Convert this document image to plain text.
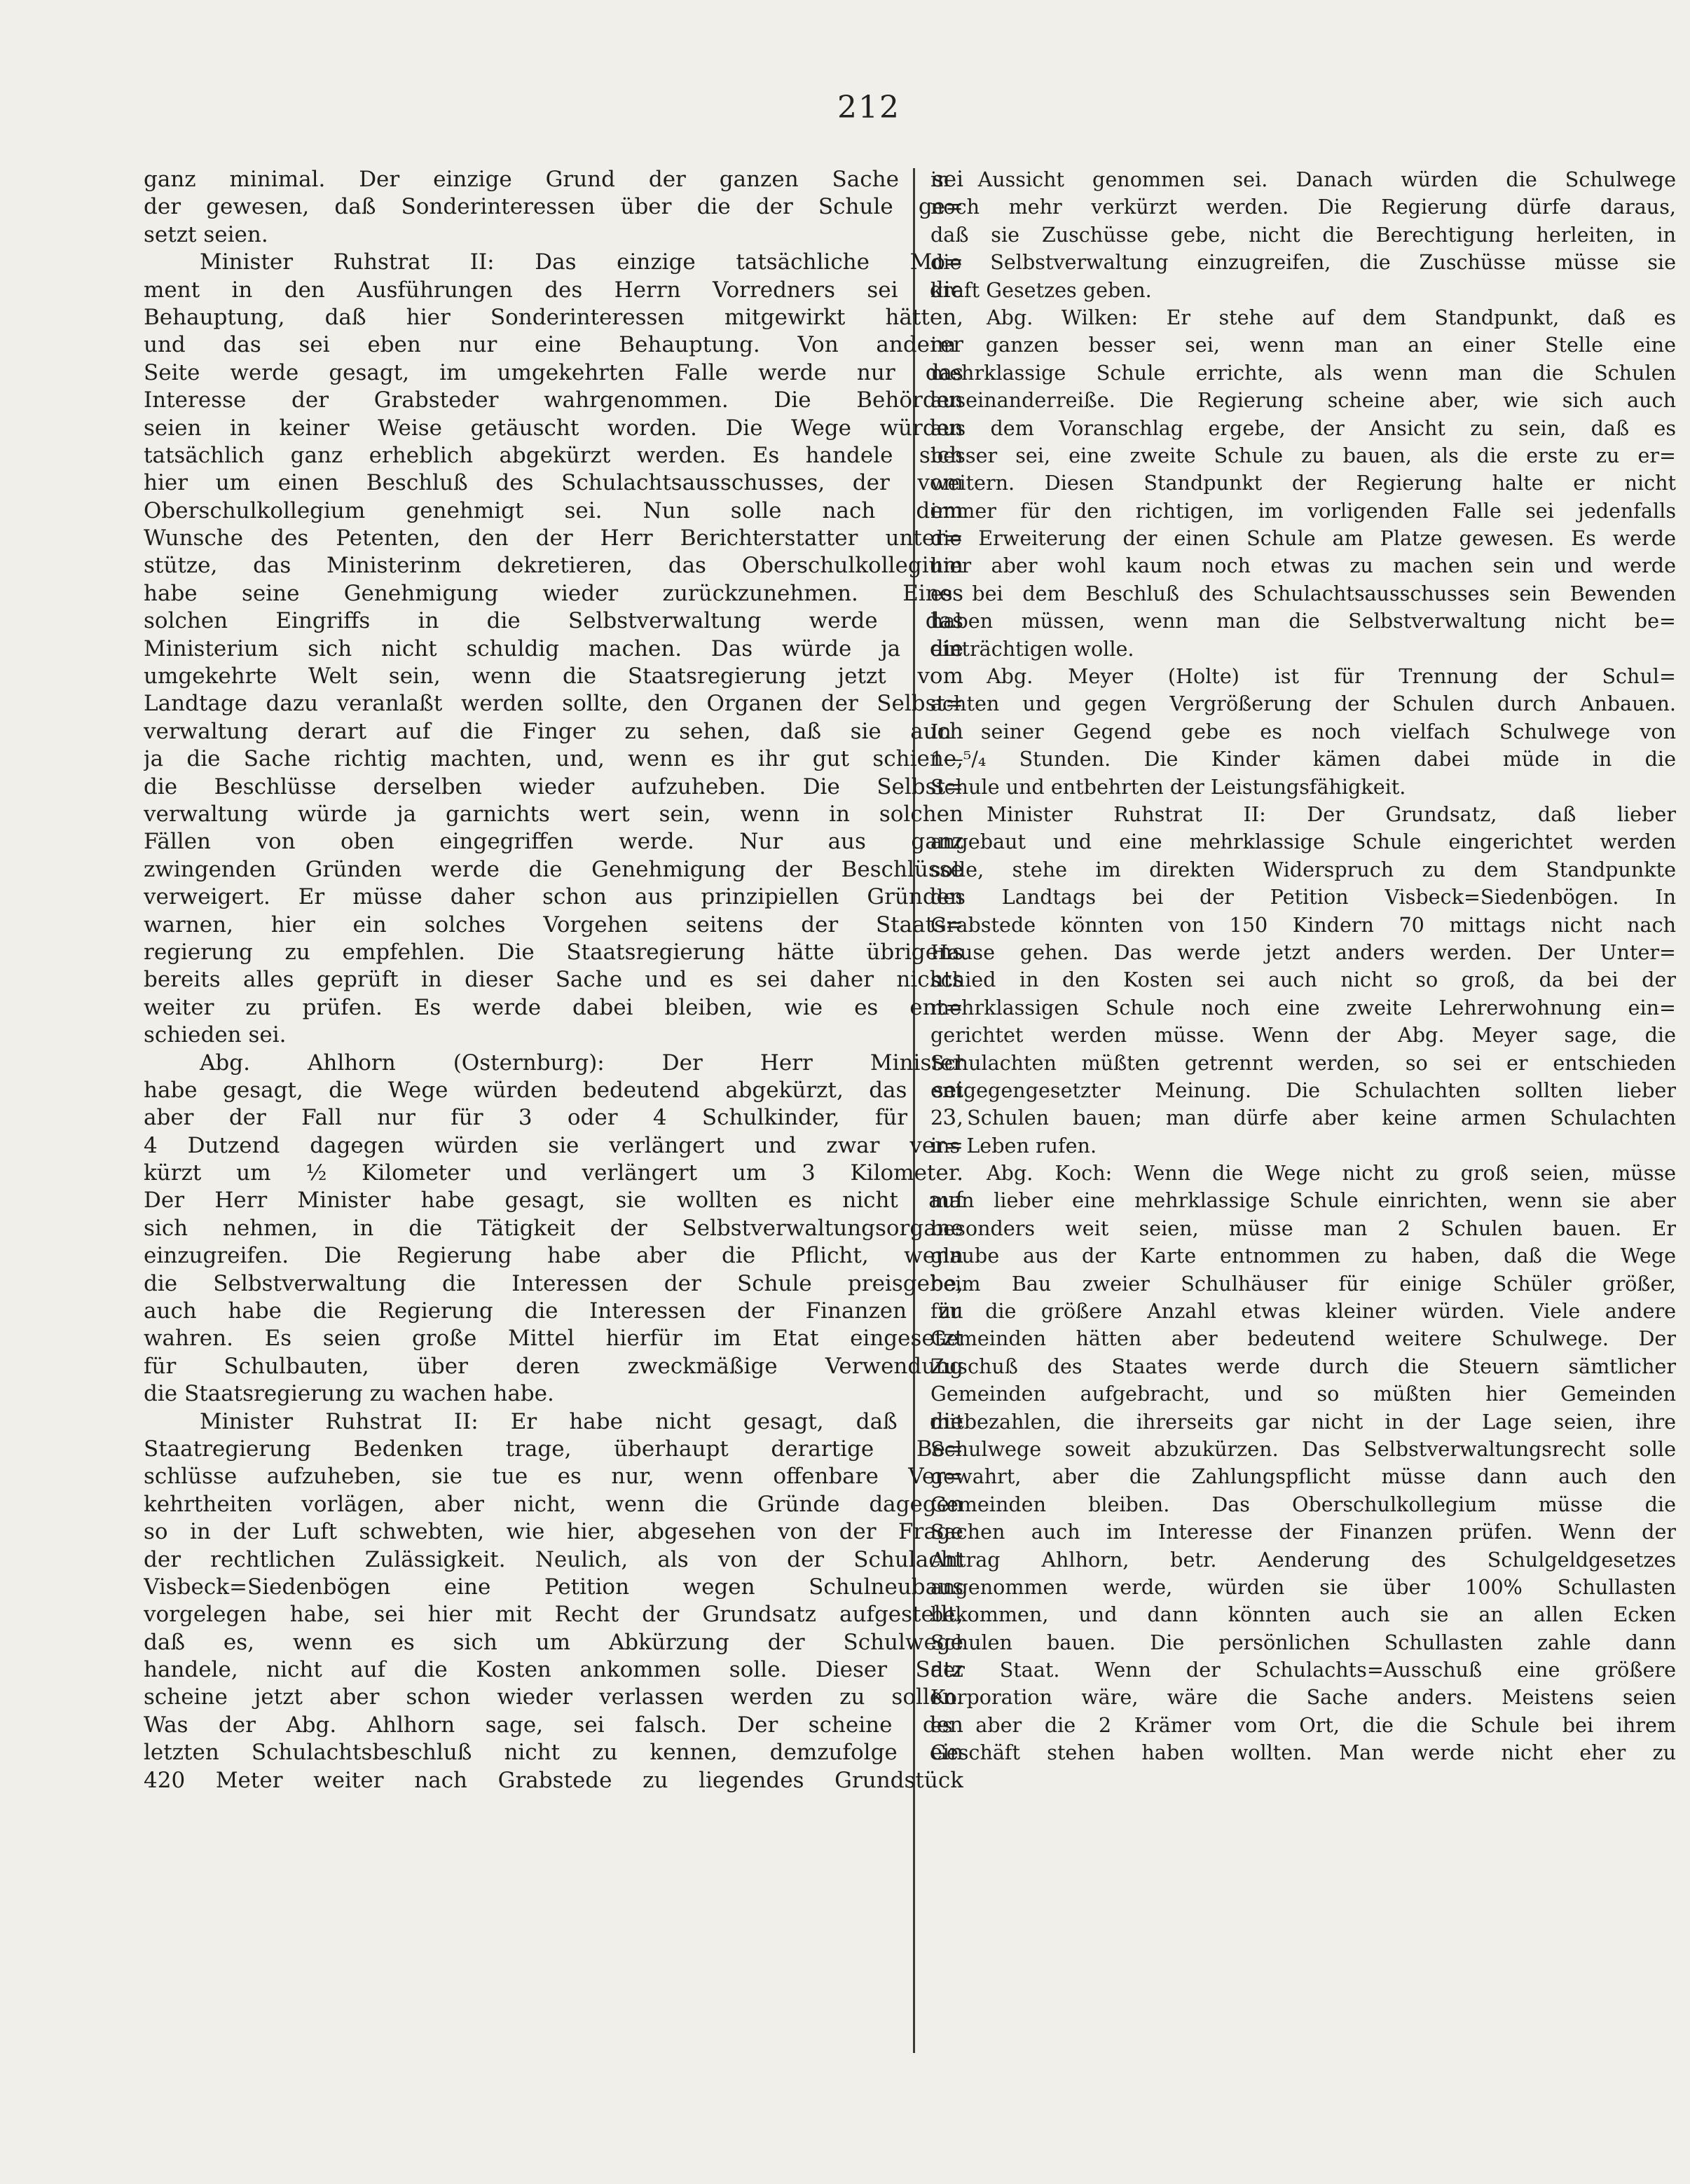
212
ganz minimal. Der einzige Grund der ganzen Sache sei
der gewesen, daß Sonderinteressen über die der Schule ge=
setzt seien.
Minister Ruhstrat II: Das einzige tatsächliche Mo=
ment in den Ausführungen des Herrn Vorredners sei die
Behauptung, daß hier Sonderinteressen mitgewirkt hätten,
und das sei eben nur eine Behauptung. Von anderer
Seite werde gesagt, im umgekehrten Falle werde nur das
Interesse der Grabsteder wahrgenommen. Die Behörden
seien in keiner Weise getäuscht worden. Die Wege würden
tatsächlich ganz erheblich abgekürzt werden. Es handele sich
hier um einen Beschluß des Schulachtsausschusses, der vom
Oberschulkollegium genehmigt sei. Nun solle nach dem
Wunsche des Petenten, den der Herr Berichterstatter unter=
stütze, das Ministerinm dekretieren, das Oberschulkollegium
habe seine Genehmigung wieder zurückzunehmen. Eines
solchen Eingriffs in die Selbstverwaltung werde das
Ministerium sich nicht schuldig machen. Das würde ja die
umgekehrte Welt sein, wenn die Staatsregierung jetzt vom
Landtage dazu veranlaßt werden sollte, den Organen der Selbst=
verwaltung derart auf die Finger zu sehen, daß sie auch
ja die Sache richtig machten, und, wenn es ihr gut schiene,
die Beschlüsse derselben wieder aufzuheben. Die Selbst=
verwaltung würde ja garnichts wert sein, wenn in solchen
Fällen von oben eingegriffen werde. Nur aus ganz
zwingenden Gründen werde die Genehmigung der Beschlüsse
verweigert. Er müsse daher schon aus prinzipiellen Gründen
warnen, hier ein solches Vorgehen seitens der Staats=
regierung zu empfehlen. Die Staatsregierung hätte übrigens
bereits alles geprüft in dieser Sache und es sei daher nichts
weiter zu prüfen. Es werde dabei bleiben, wie es ent=
schieden sei.
Abg. Ahlhorn (Osternburg): Der Herr Minister
habe gesagt, die Wege würden bedeutend abgekürzt, das sei
aber der Fall nur für 3 oder 4 Schulkinder, für 3,
4 Dutzend dagegen würden sie verlängert und zwar ver=
kürzt um ½ Kilometer und verlängert um 3 Kilometer.
Der Herr Minister habe gesagt, sie wollten es nicht auf
sich nehmen, in die Tätigkeit der Selbstverwaltungsorgane
einzugreifen. Die Regierung habe aber die Pflicht, wenn
die Selbstverwaltung die Interessen der Schule preisgebe,
auch habe die Regierung die Interessen der Finanzen zu
wahren. Es seien große Mittel hierfür im Etat eingesetzt
für Schulbauten, über deren zweckmäßige Verwendung
die Staatsregierung zu wachen habe.
Minister Ruhstrat II: Er habe nicht gesagt, daß die
Staatregierung Bedenken trage, überhaupt derartige Be=
schlüsse aufzuheben, sie tue es nur, wenn offenbare Ver=
kehrtheiten vorlägen, aber nicht, wenn die Gründe dagegen
so in der Luft schwebten, wie hier, abgesehen von der Frage
der rechtlichen Zulässigkeit. Neulich, als von der Schulacht
Visbeck=Siedenbögen eine Petition wegen Schulneubaus
vorgelegen habe, sei hier mit Recht der Grundsatz aufgestellt,
daß es, wenn es sich um Abkürzung der Schulwege
handele, nicht auf die Kosten ankommen solle. Dieser Satz
scheine jetzt aber schon wieder verlassen werden zu sollen.
Was der Abg. Ahlhorn sage, sei falsch. Der scheine den
letzten Schulachtsbeschluß nicht zu kennen, demzufolge ein
420 Meter weiter nach Grabstede zu liegendes Grundstück
in Aussicht genommen sei. Danach würden die Schulwege
noch mehr verkürzt werden. Die Regierung dürfe daraus,
daß sie Zuschüsse gebe, nicht die Berechtigung herleiten, in
die Selbstverwaltung einzugreifen, die Zuschüsse müsse sie
kraft Gesetzes geben.
Abg. Wilken: Er stehe auf dem Standpunkt, daß es
im ganzen besser sei, wenn man an einer Stelle eine
mehrklassige Schule errichte, als wenn man die Schulen
auseinanderreiße. Die Regierung scheine aber, wie sich auch
aus dem Voranschlag ergebe, der Ansicht zu sein, daß es
besser sei, eine zweite Schule zu bauen, als die erste zu er=
weitern. Diesen Standpunkt der Regierung halte er nicht
immer für den richtigen, im vorligenden Falle sei jedenfalls
die Erweiterung der einen Schule am Platze gewesen. Es werde
hier aber wohl kaum noch etwas zu machen sein und werde
es bei dem Beschluß des Schulachtsausschusses sein Bewenden
haben müssen, wenn man die Selbstverwaltung nicht be=
einträchtigen wolle.
Abg. Meyer (Holte) ist für Trennung der Schul=
achten und gegen Vergrößerung der Schulen durch Anbauen.
In seiner Gegend gebe es noch vielfach Schulwege von
1—⁵/₄ Stunden. Die Kinder kämen dabei müde in die
Schule und entbehrten der Leistungsfähigkeit.
Minister Ruhstrat II: Der Grundsatz, daß lieber
angebaut und eine mehrklassige Schule eingerichtet werden
solle, stehe im direkten Widerspruch zu dem Standpunkte
des Landtags bei der Petition Visbeck=Siedenbögen. In
Grabstede könnten von 150 Kindern 70 mittags nicht nach
Hause gehen. Das werde jetzt anders werden. Der Unter=
schied in den Kosten sei auch nicht so groß, da bei der
mehrklassigen Schule noch eine zweite Lehrerwohnung ein=
gerichtet werden müsse. Wenn der Abg. Meyer sage, die
Schulachten müßten getrennt werden, so sei er entschieden
entgegengesetzter Meinung. Die Schulachten sollten lieber
2 Schulen bauen; man dürfe aber keine armen Schulachten
ins Leben rufen.
Abg. Koch: Wenn die Wege nicht zu groß seien, müsse
man lieber eine mehrklassige Schule einrichten, wenn sie aber
besonders weit seien, müsse man 2 Schulen bauen. Er
glaube aus der Karte entnommen zu haben, daß die Wege
beim Bau zweier Schulhäuser für einige Schüler größer,
für die größere Anzahl etwas kleiner würden. Viele andere
Gemeinden hätten aber bedeutend weitere Schulwege. Der
Zuschuß des Staates werde durch die Steuern sämtlicher
Gemeinden aufgebracht, und so müßten hier Gemeinden
mitbezahlen, die ihrerseits gar nicht in der Lage seien, ihre
Schulwege soweit abzukürzen. Das Selbstverwaltungsrecht solle
gewahrt, aber die Zahlungspflicht müsse dann auch den
Gemeinden bleiben. Das Oberschulkollegium müsse die
Sachen auch im Interesse der Finanzen prüfen. Wenn der
Antrag Ahlhorn, betr. Aenderung des Schulgeldgesetzes
angenommen werde, würden sie über 100% Schullasten
bekommen, und dann könnten auch sie an allen Ecken
Schulen bauen. Die persönlichen Schullasten zahle dann
der Staat. Wenn der Schulachts=Ausschuß eine größere
Korporation wäre, wäre die Sache anders. Meistens seien
es aber die 2 Krämer vom Ort, die die Schule bei ihrem
Geschäft stehen haben wollten. Man werde nicht eher zu
